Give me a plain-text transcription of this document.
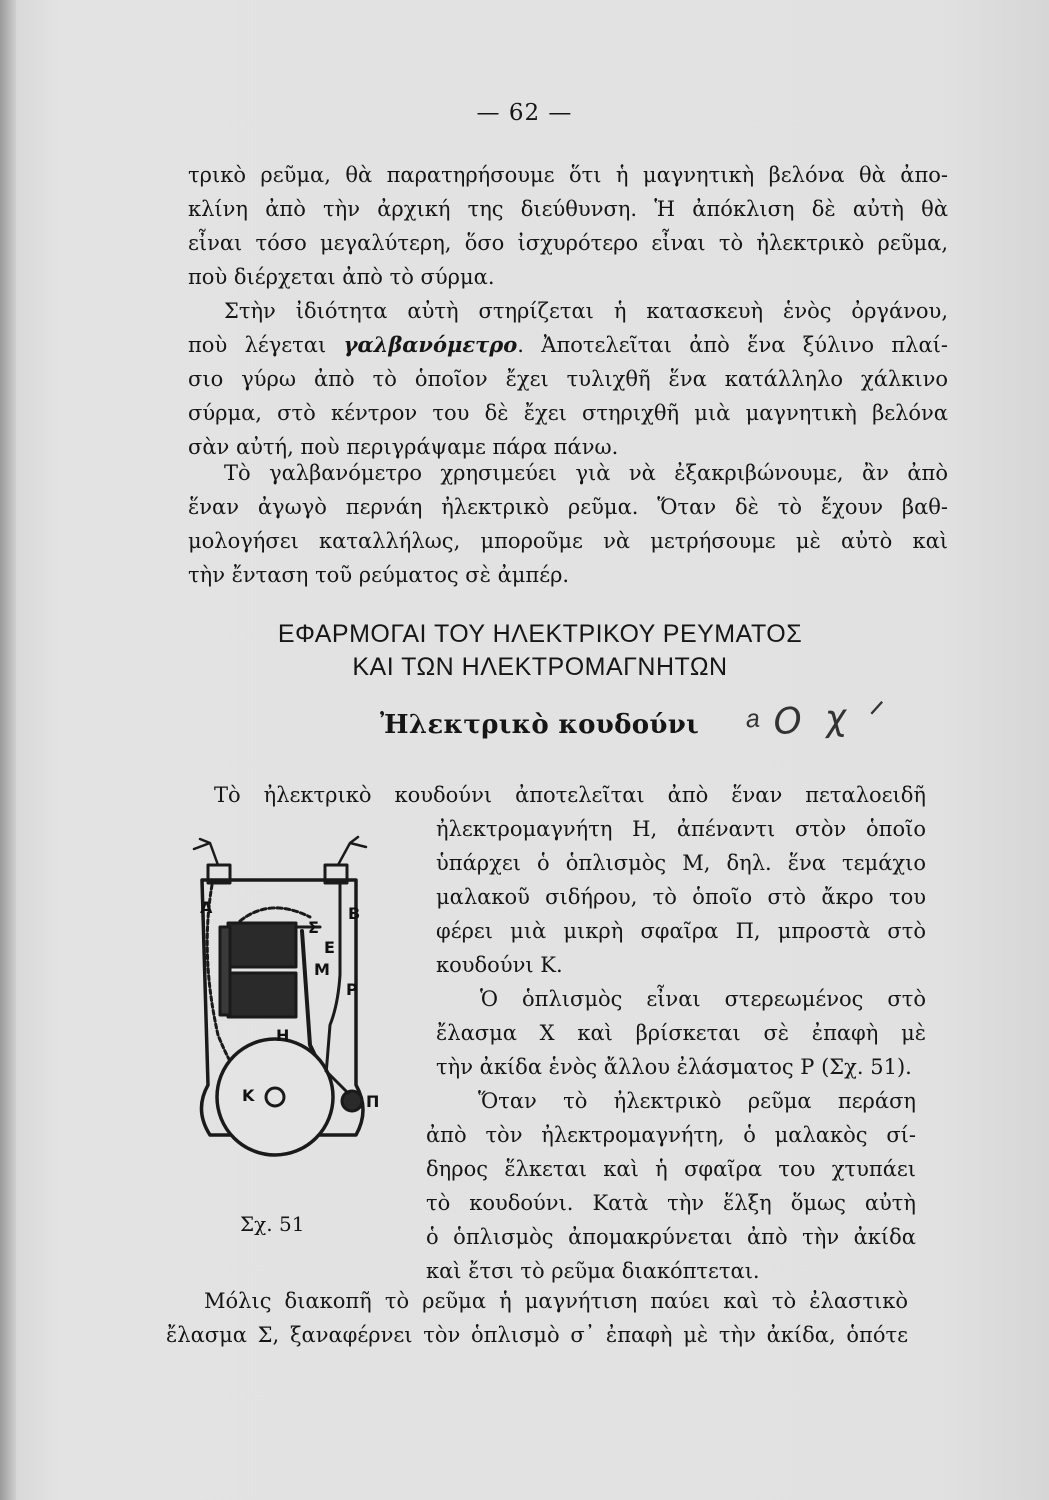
— 62 —
τρικὸ ρεῦμα, θὰ παρατηρήσουμε ὅτι ἡ μαγνητικὴ βελόνα θὰ ἀπο-
κλίνη ἀπὸ τὴν ἀρχική της διεύθυνση. Ἡ ἀπόκλιση δὲ αὐτὴ θὰ
εἶναι τόσο μεγαλύτερη, ὅσο ἰσχυρότερο εἶναι τὸ ἠλεκτρικὸ ρεῦμα,
ποὺ διέρχεται ἀπὸ τὸ σύρμα.
Στὴν ἰδιότητα αὐτὴ στηρίζεται ἡ κατασκευὴ ἑνὸς ὀργάνου,
ποὺ λέγεται γαλβανόμετρο. Ἀποτελεῖται ἀπὸ ἕνα ξύλινο πλαί-
σιο γύρω ἀπὸ τὸ ὁποῖον ἔχει τυλιχθῆ ἕνα κατάλληλο χάλκινο
σύρμα, στὸ κέντρον του δὲ ἔχει στηριχθῆ μιὰ μαγνητικὴ βελόνα
σὰν αὐτή, ποὺ περιγράψαμε πάρα πάνω.
Τὸ γαλβανόμετρο χρησιμεύει γιὰ νὰ ἐξακριβώνουμε, ἂν ἀπὸ
ἕναν ἀγωγὸ περνάη ἠλεκτρικὸ ρεῦμα. Ὅταν δὲ τὸ ἔχουν βαθ-
μολογήσει καταλλήλως, μποροῦμε νὰ μετρήσουμε μὲ αὐτὸ καὶ
τὴν ἔνταση τοῦ ρεύματος σὲ ἀμπέρ.
ΕΦΑΡΜΟΓΑΙ ΤΟΥ ΗΛΕΚΤΡΙΚΟΥ ΡΕΥΜΑΤΟΣ
ΚΑΙ ΤΩΝ ΗΛΕΚΤΡΟΜΑΓΝΗΤΩΝ
Ἠλεκτρικὸ κουδούνι ͣ Ο χ ᐟ
Τὸ ἠλεκτρικὸ κουδούνι ἀποτελεῖται ἀπὸ ἕναν πεταλοειδῆ
ἠλεκτρομαγνήτη Η, ἀπέναντι στὸν ὁποῖο
ὑπάρχει ὁ ὁπλισμὸς Μ, δηλ. ἕνα τεμάχιο
μαλακοῦ σιδήρου, τὸ ὁποῖο στὸ ἄκρο του
φέρει μιὰ μικρὴ σφαῖρα Π, μπροστὰ στὸ
κουδούνι Κ.
Ὁ ὁπλισμὸς εἶναι στερεωμένος στὸ
ἔλασμα Χ καὶ βρίσκεται σὲ ἐπαφὴ μὲ
τὴν ἀκίδα ἑνὸς ἄλλου ἐλάσματος Ρ (Σχ. 51).
Ὅταν τὸ ἠλεκτρικὸ ρεῦμα περάση
ἀπὸ τὸν ἠλεκτρομαγνήτη, ὁ μαλακὸς σί-
δηρος ἕλκεται καὶ ἡ σφαῖρα του χτυπάει
τὸ κουδούνι. Κατὰ τὴν ἕλξη ὅμως αὐτὴ
ὁ ὁπλισμὸς ἀπομακρύνεται ἀπὸ τὴν ἀκίδα
καὶ ἔτσι τὸ ρεῦμα διακόπτεται.
Μόλις διακοπῆ τὸ ρεῦμα ἡ μαγνήτιση παύει καὶ τὸ ἐλαστικὸ
ἔλασμα Σ, ξαναφέρνει τὸν ὁπλισμὸ σ᾿ ἐπαφὴ μὲ τὴν ἀκίδα, ὁπότε
Α	Β
Σ
Μ
Ε
Ρ
Η
Κ	Π
Σχ. 51
